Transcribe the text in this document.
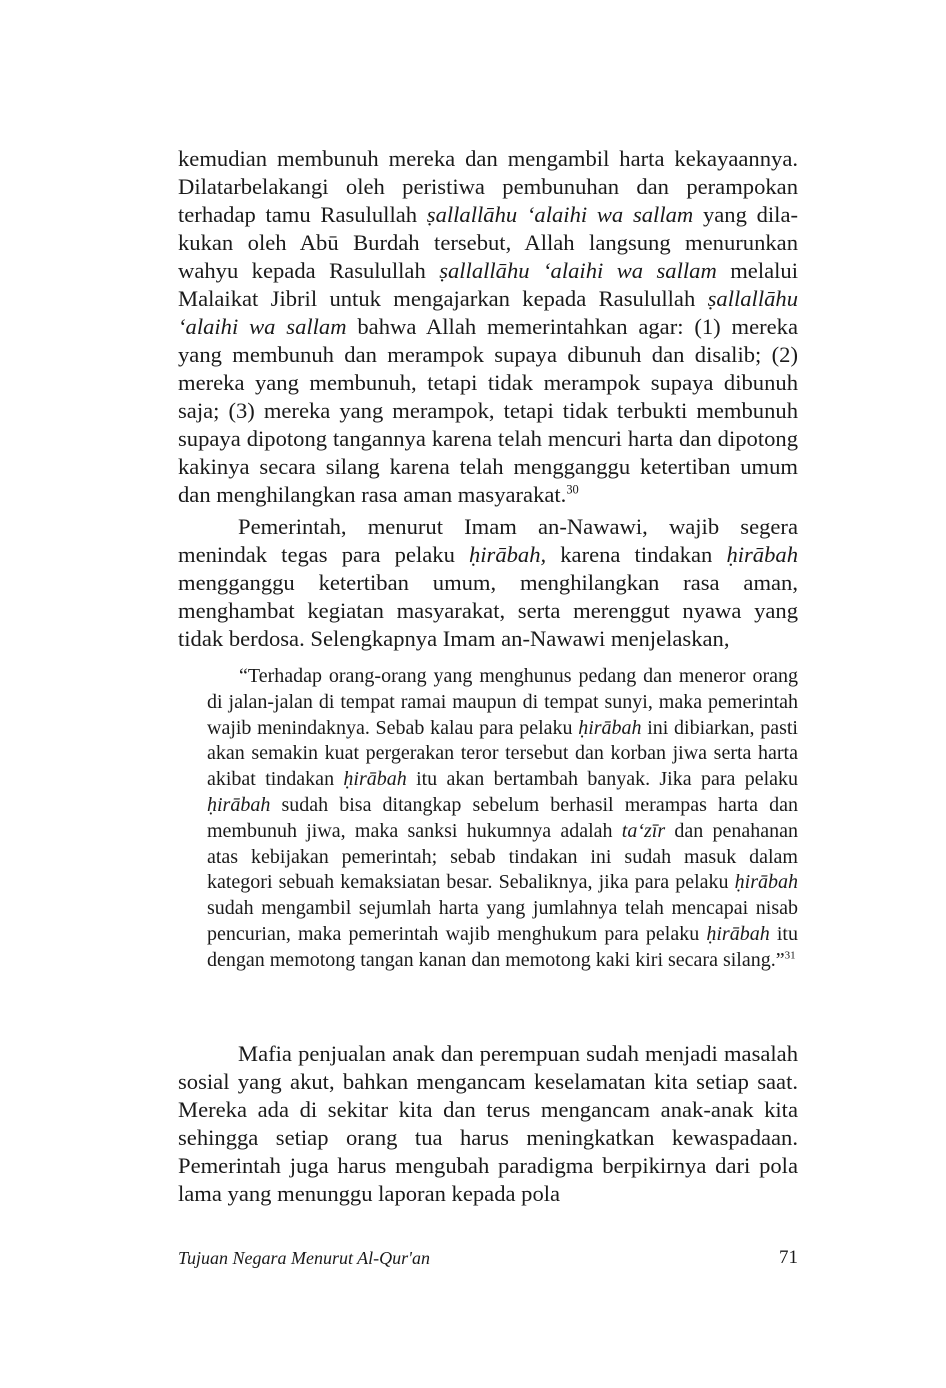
kemudian membunuh mereka dan mengambil harta kekayaannya. Dilatarbelakangi oleh peristiwa pembunuhan dan perampokan terhadap tamu Rasulullah ṣallallāhu ‘alaihi wa sallam yang dilakukan oleh Abū Burdah tersebut, Allah langsung menurunkan wahyu kepada Rasulullah ṣallallāhu ‘alaihi wa sallam melalui Malaikat Jibril untuk mengajarkan kepada Rasulullah ṣallallāhu ‘alaihi wa sallam bahwa Allah memerintahkan agar: (1) mereka yang membunuh dan merampok supaya dibunuh dan disalib; (2) mereka yang membunuh, tetapi tidak merampok supaya dibunuh saja; (3) mereka yang merampok, tetapi tidak terbukti membunuh supaya dipotong tangannya karena telah mencuri harta dan dipotong kakinya secara silang karena telah mengganggu ketertiban umum dan menghilangkan rasa aman masyarakat.$^{30}$

Pemerintah, menurut Imam an-Nawawi, wajib segera menindak tegas para pelaku ḥirābah, karena tindakan ḥirābah mengganggu ketertiban umum, menghilangkan rasa aman, menghambat kegiatan masyarakat, serta merenggut nyawa yang tidak berdosa. Selengkapnya Imam an-Nawawi menjelaskan,

“Terhadap orang-orang yang menghunus pedang dan meneror orang di jalan-jalan di tempat ramai maupun di tempat sunyi, maka pemerintah wajib menindaknya. Sebab kalau para pelaku ḥirābah ini dibiarkan, pasti akan semakin kuat pergerakan teror tersebut dan korban jiwa serta harta akibat tindakan ḥirābah itu akan bertambah banyak. Jika para pelaku ḥirābah sudah bisa ditangkap sebelum berhasil merampas harta dan membunuh jiwa, maka sanksi hukumnya adalah ta‘zīr dan penahanan atas kebijakan pemerintah; sebab tindakan ini sudah masuk dalam kategori sebuah kemaksiatan besar. Sebaliknya, jika para pelaku ḥirābah sudah mengambil sejumlah harta yang jumlahnya telah mencapai nisab pencurian, maka pemerintah wajib menghukum para pelaku ḥirābah itu dengan memotong tangan kanan dan memotong kaki kiri secara silang.”$^{31}$

Mafia penjualan anak dan perempuan sudah menjadi masalah sosial yang akut, bahkan mengancam keselamatan kita setiap saat. Mereka ada di sekitar kita dan terus mengancam anak-anak kita sehingga setiap orang tua harus meningkatkan kewaspadaan. Pemerintah juga harus mengubah paradigma berpikirnya dari pola lama yang menunggu laporan kepada pola

Tujuan Negara Menurut Al-Qur'an	71
